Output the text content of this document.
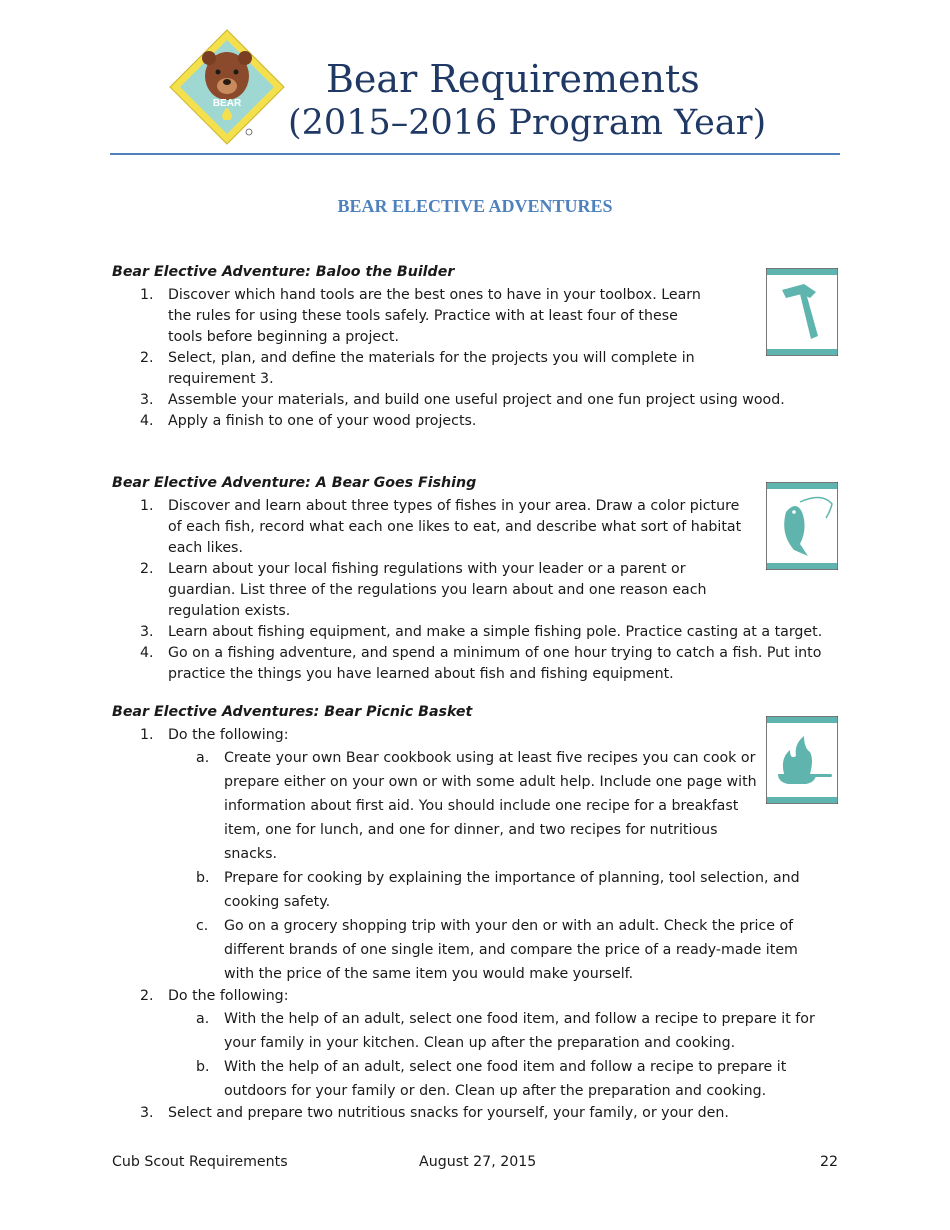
BEAR
Bear Requirements
(2015–2016 Program Year)
BEAR ELECTIVE ADVENTURES
Bear Elective Adventure: Baloo the Builder
1. Discover which hand tools are the best ones to have in your toolbox. Learn the rules for using these tools safely. Practice with at least four of these tools before beginning a project.
2. Select, plan, and define the materials for the projects you will complete in requirement 3.
3. Assemble your materials, and build one useful project and one fun project using wood.
4. Apply a finish to one of your wood projects.
Bear Elective Adventure: A Bear Goes Fishing
1. Discover and learn about three types of fishes in your area. Draw a color picture of each fish, record what each one likes to eat, and describe what sort of habitat each likes.
2. Learn about your local fishing regulations with your leader or a parent or guardian. List three of the regulations you learn about and one reason each regulation exists.
3. Learn about fishing equipment, and make a simple fishing pole. Practice casting at a target.
4. Go on a fishing adventure, and spend a minimum of one hour trying to catch a fish. Put into practice the things you have learned about fish and fishing equipment.
Bear Elective Adventures: Bear Picnic Basket
1. Do the following:
a. Create your own Bear cookbook using at least five recipes you can cook or prepare either on your own or with some adult help. Include one page with information about first aid. You should include one recipe for a breakfast item, one for lunch, and one for dinner, and two recipes for nutritious snacks.
b. Prepare for cooking by explaining the importance of planning, tool selection, and cooking safety.
c. Go on a grocery shopping trip with your den or with an adult. Check the price of different brands of one single item, and compare the price of a ready-made item with the price of the same item you would make yourself.
2. Do the following:
a. With the help of an adult, select one food item, and follow a recipe to prepare it for your family in your kitchen. Clean up after the preparation and cooking.
b. With the help of an adult, select one food item and follow a recipe to prepare it outdoors for your family or den. Clean up after the preparation and cooking.
3. Select and prepare two nutritious snacks for yourself, your family, or your den.
Cub Scout Requirements	August 27, 2015	22
